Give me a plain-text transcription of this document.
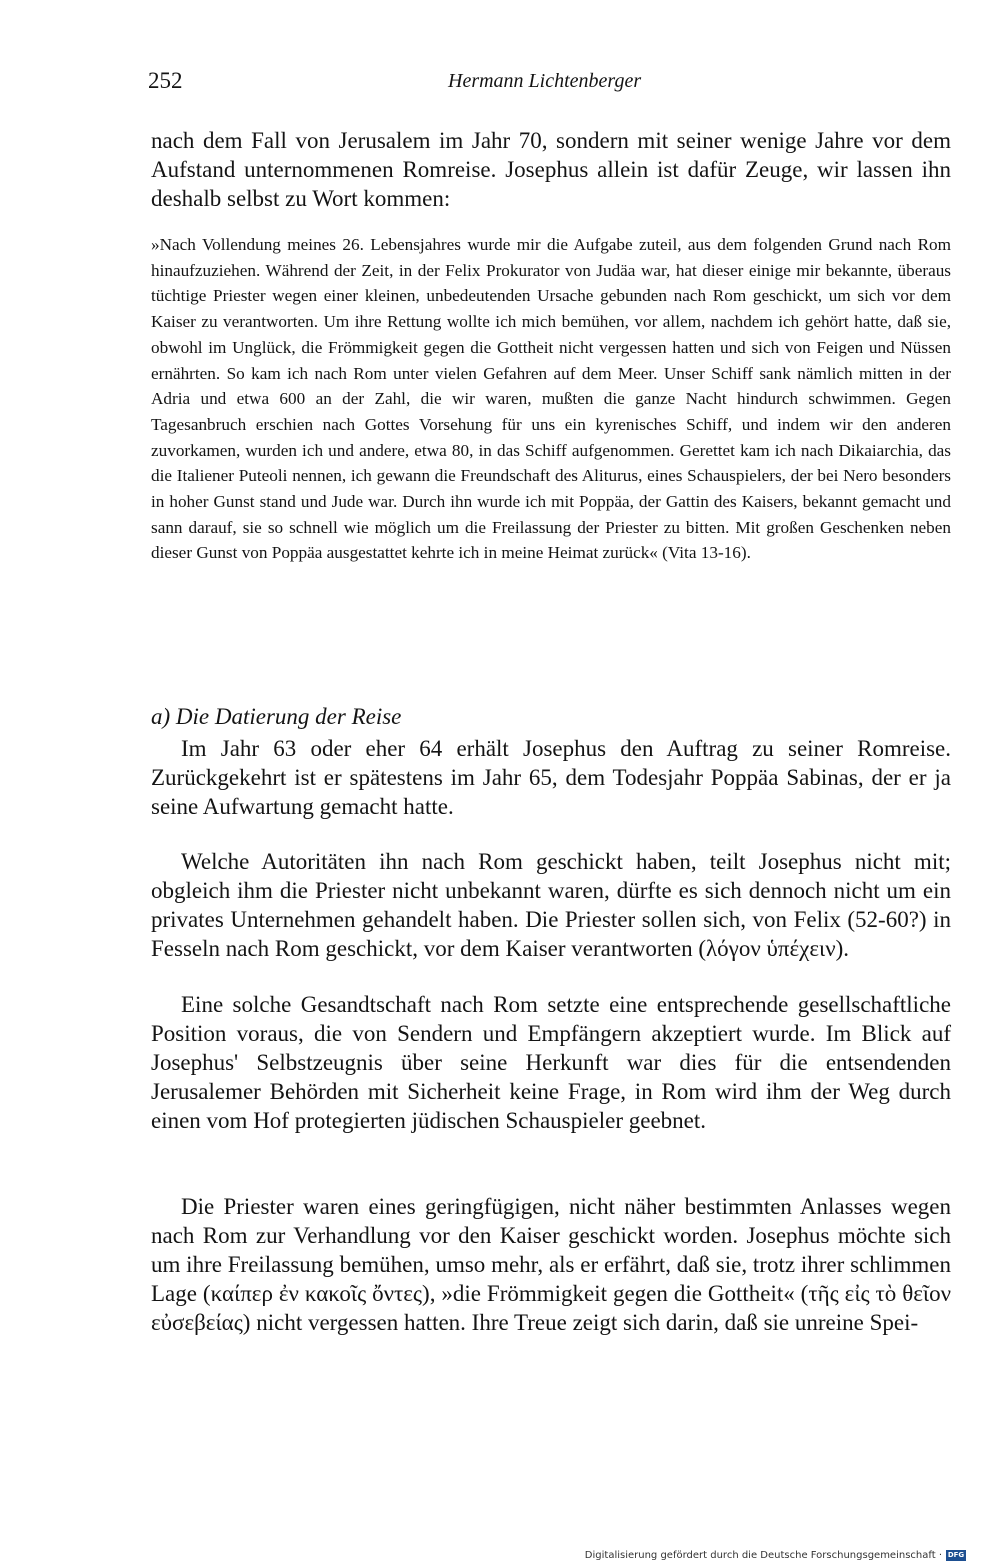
252	Hermann Lichtenberger

nach dem Fall von Jerusalem im Jahr 70, sondern mit seiner wenige Jahre vor dem Aufstand unternommenen Romreise. Josephus allein ist dafür Zeuge, wir lassen ihn deshalb selbst zu Wort kommen:

»Nach Vollendung meines 26. Lebensjahres wurde mir die Aufgabe zuteil, aus dem folgenden Grund nach Rom hinaufzuziehen. Während der Zeit, in der Felix Prokurator von Judäa war, hat dieser einige mir bekannte, überaus tüchtige Priester wegen einer kleinen, unbedeutenden Ursache gebunden nach Rom geschickt, um sich vor dem Kaiser zu verantworten. Um ihre Rettung wollte ich mich bemühen, vor allem, nachdem ich gehört hatte, daß sie, obwohl im Unglück, die Frömmigkeit gegen die Gottheit nicht vergessen hatten und sich von Feigen und Nüssen ernährten. So kam ich nach Rom unter vielen Gefahren auf dem Meer. Unser Schiff sank nämlich mitten in der Adria und etwa 600 an der Zahl, die wir waren, mußten die ganze Nacht hindurch schwimmen. Gegen Tagesanbruch erschien nach Gottes Vorsehung für uns ein kyrenisches Schiff, und indem wir den anderen zuvorkamen, wurden ich und andere, etwa 80, in das Schiff aufgenommen. Gerettet kam ich nach Dikaiarchia, das die Italiener Puteoli nennen, ich gewann die Freundschaft des Aliturus, eines Schauspielers, der bei Nero besonders in hoher Gunst stand und Jude war. Durch ihn wurde ich mit Poppäa, der Gattin des Kaisers, bekannt gemacht und sann darauf, sie so schnell wie möglich um die Freilassung der Priester zu bitten. Mit großen Geschenken neben dieser Gunst von Poppäa ausgestattet kehrte ich in meine Heimat zurück« (Vita 13-16).

a) Die Datierung der Reise

Im Jahr 63 oder eher 64 erhält Josephus den Auftrag zu seiner Romreise. Zurückgekehrt ist er spätestens im Jahr 65, dem Todesjahr Poppäa Sabinas, der er ja seine Aufwartung gemacht hatte.

Welche Autoritäten ihn nach Rom geschickt haben, teilt Josephus nicht mit; obgleich ihm die Priester nicht unbekannt waren, dürfte es sich dennoch nicht um ein privates Unternehmen gehandelt haben. Die Priester sollen sich, von Felix (52-60?) in Fesseln nach Rom geschickt, vor dem Kaiser verantworten (λόγον ὑπέχειν).

Eine solche Gesandtschaft nach Rom setzte eine entsprechende gesellschaftliche Position voraus, die von Sendern und Empfängern akzeptiert wurde. Im Blick auf Josephus' Selbstzeugnis über seine Herkunft war dies für die entsendenden Jerusalemer Behörden mit Sicherheit keine Frage, in Rom wird ihm der Weg durch einen vom Hof protegierten jüdischen Schauspieler geebnet.

Die Priester waren eines geringfügigen, nicht näher bestimmten Anlasses wegen nach Rom zur Verhandlung vor den Kaiser geschickt worden. Josephus möchte sich um ihre Freilassung bemühen, umso mehr, als er erfährt, daß sie, trotz ihrer schlimmen Lage (καίπερ ἐν κακοῖς ὄντες), »die Frömmigkeit gegen die Gottheit« (τῆς εἰς τὸ θεῖον εὐσεβείας) nicht vergessen hatten. Ihre Treue zeigt sich darin, daß sie unreine Spei-

Digitalisierung gefördert durch die Deutsche Forschungsgemeinschaft · DFG
